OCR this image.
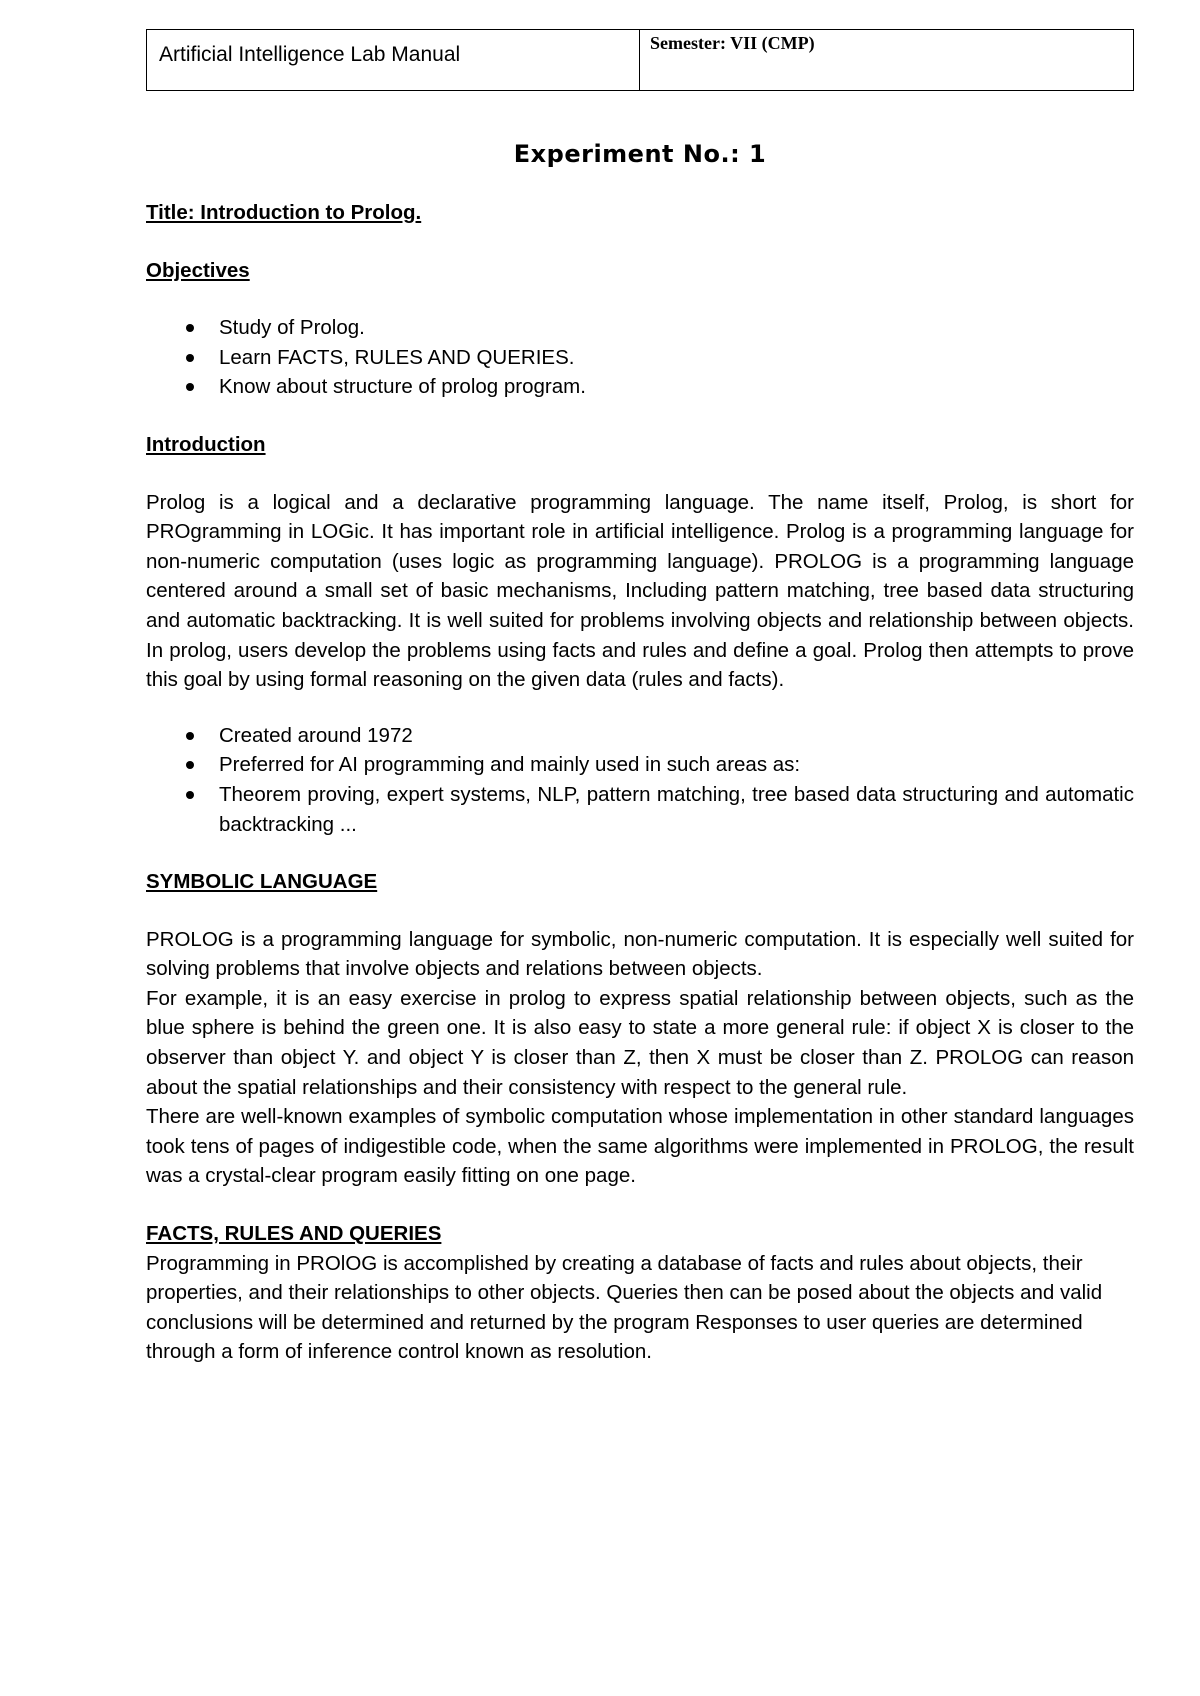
Artificial Intelligence Lab Manual	Semester: VII (CMP)
Experiment No.: 1

Title: Introduction to Prolog.

Objectives

Study of Prolog.
Learn FACTS, RULES AND QUERIES.
Know about structure of prolog program.

Introduction

Prolog is a logical and a declarative programming language. The name itself, Prolog, is short for PROgramming in LOGic. It has important role in artificial intelligence. Prolog is a programming language for non-numeric computation (uses logic as programming language). PROLOG is a programming language centered around a small set of basic mechanisms, Including pattern matching, tree based data structuring and automatic backtracking. It is well suited for problems involving objects and relationship between objects. In prolog, users develop the problems using facts and rules and define a goal. Prolog then attempts to prove this goal by using formal reasoning on the given data (rules and facts).

Created around 1972
Preferred for AI programming and mainly used in such areas as:
Theorem proving, expert systems, NLP, pattern matching, tree based data structuring and automatic backtracking ...

SYMBOLIC LANGUAGE

PROLOG is a programming language for symbolic, non-numeric computation. It is especially well suited for solving problems that involve objects and relations between objects.

For example, it is an easy exercise in prolog to express spatial relationship between objects, such as the blue sphere is behind the green one. It is also easy to state a more general rule: if object X is closer to the observer than object Y. and object Y is closer than Z, then X must be closer than Z. PROLOG can reason about the spatial relationships and their consistency with respect to the general rule.

There are well-known examples of symbolic computation whose implementation in other standard languages took tens of pages of indigestible code, when the same algorithms were implemented in PROLOG, the result was a crystal-clear program easily fitting on one page.

FACTS, RULES AND QUERIES

Programming in PROlOG is accomplished by creating a database of facts and rules about objects, their properties, and their relationships to other objects. Queries then can be posed about the objects and valid conclusions will be determined and returned by the program Responses to user queries are determined through a form of inference control known as resolution.
